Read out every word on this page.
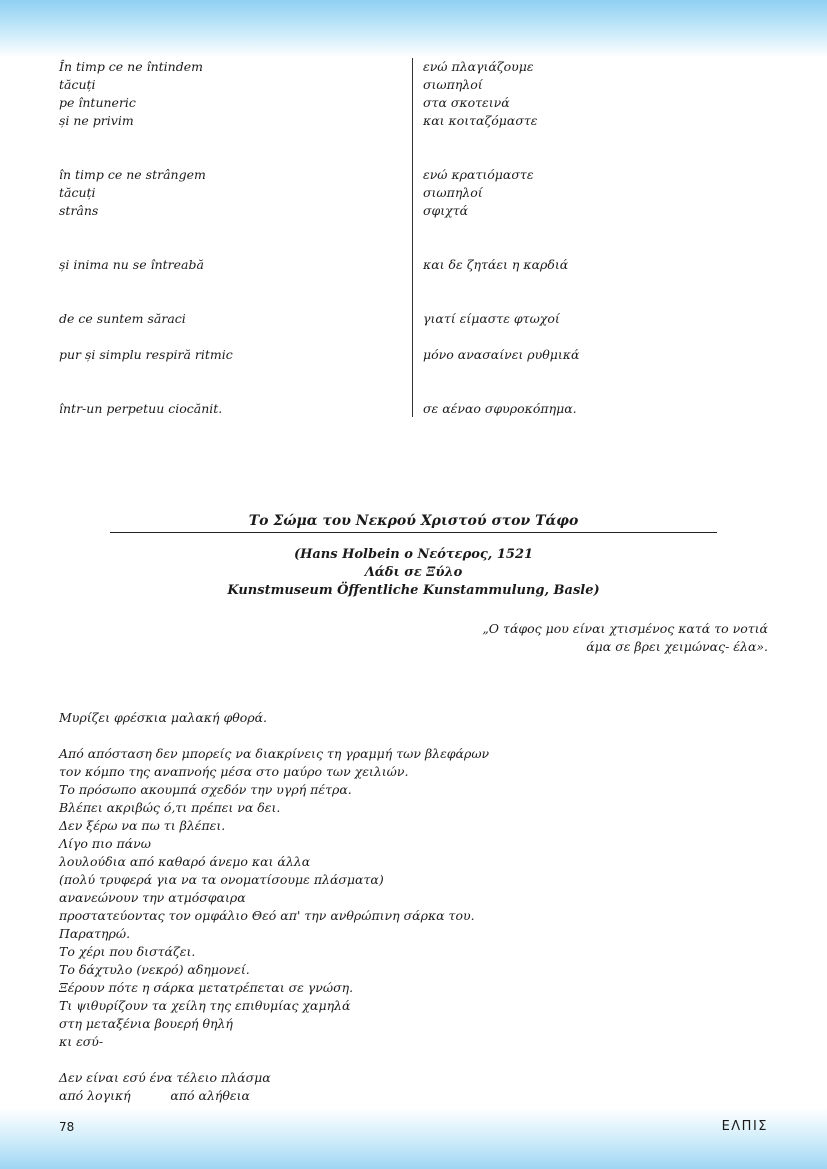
În timp ce ne întindem
tăcuți
pe întuneric
și ne privim
în timp ce ne strângem
tăcuți
strâns
și inima nu se întreabă
de ce suntem săraci
pur și simplu respiră ritmic
într-un perpetuu ciocănit.
ενώ πλαγιάζουμε
σιωπηλοί
στα σκοτεινά
και κοιταζόμαστε
ενώ κρατιόμαστε
σιωπηλοί
σφιχτά
και δε ζητάει η καρδιά
γιατί είμαστε φτωχοί
μόνο ανασαίνει ρυθμικά
σε αέναο σφυροκόπημα.
Το Σώμα του Νεκρού Χριστού στον Τάφο
(Hans Holbein ο Νεότερος, 1521
Λάδι σε Ξύλο
Kunstmuseum Öffentliche Kunstammulung, Basle)
„Ο τάφος μου είναι χτισμένος κατά το νοτιά
άμα σε βρει χειμώνας- έλα».
Μυρίζει φρέσκια μαλακή φθορά.
Από απόσταση δεν μπορείς να διακρίνεις τη γραμμή των βλεφάρων
τον κόμπο της αναπνοής μέσα στο μαύρο των χειλιών.
Το πρόσωπο ακουμπά σχεδόν την υγρή πέτρα.
Βλέπει ακριβώς ό,τι πρέπει να δει.
Δεν ξέρω να πω τι βλέπει.
Λίγο πιο πάνω
λουλούδια από καθαρό άνεμο και άλλα
(πολύ τρυφερά για να τα ονοματίσουμε πλάσματα)
ανανεώνουν την ατμόσφαιρα
προστατεύοντας τον ομφάλιο Θεό απ' την ανθρώπινη σάρκα του.
Παρατηρώ.
Το χέρι που διστάζει.
Το δάχτυλο (νεκρό) αδημονεί.
Ξέρουν πότε η σάρκα μετατρέπεται σε γνώση.
Τι ψιθυρίζουν τα χείλη της επιθυμίας χαμηλά
στη μεταξένια βουερή θηλή
κι εσύ-
Δεν είναι εσύ ένα τέλειο πλάσμα
από λογική          από αλήθεια
78	ΕΛΠΙΣ
